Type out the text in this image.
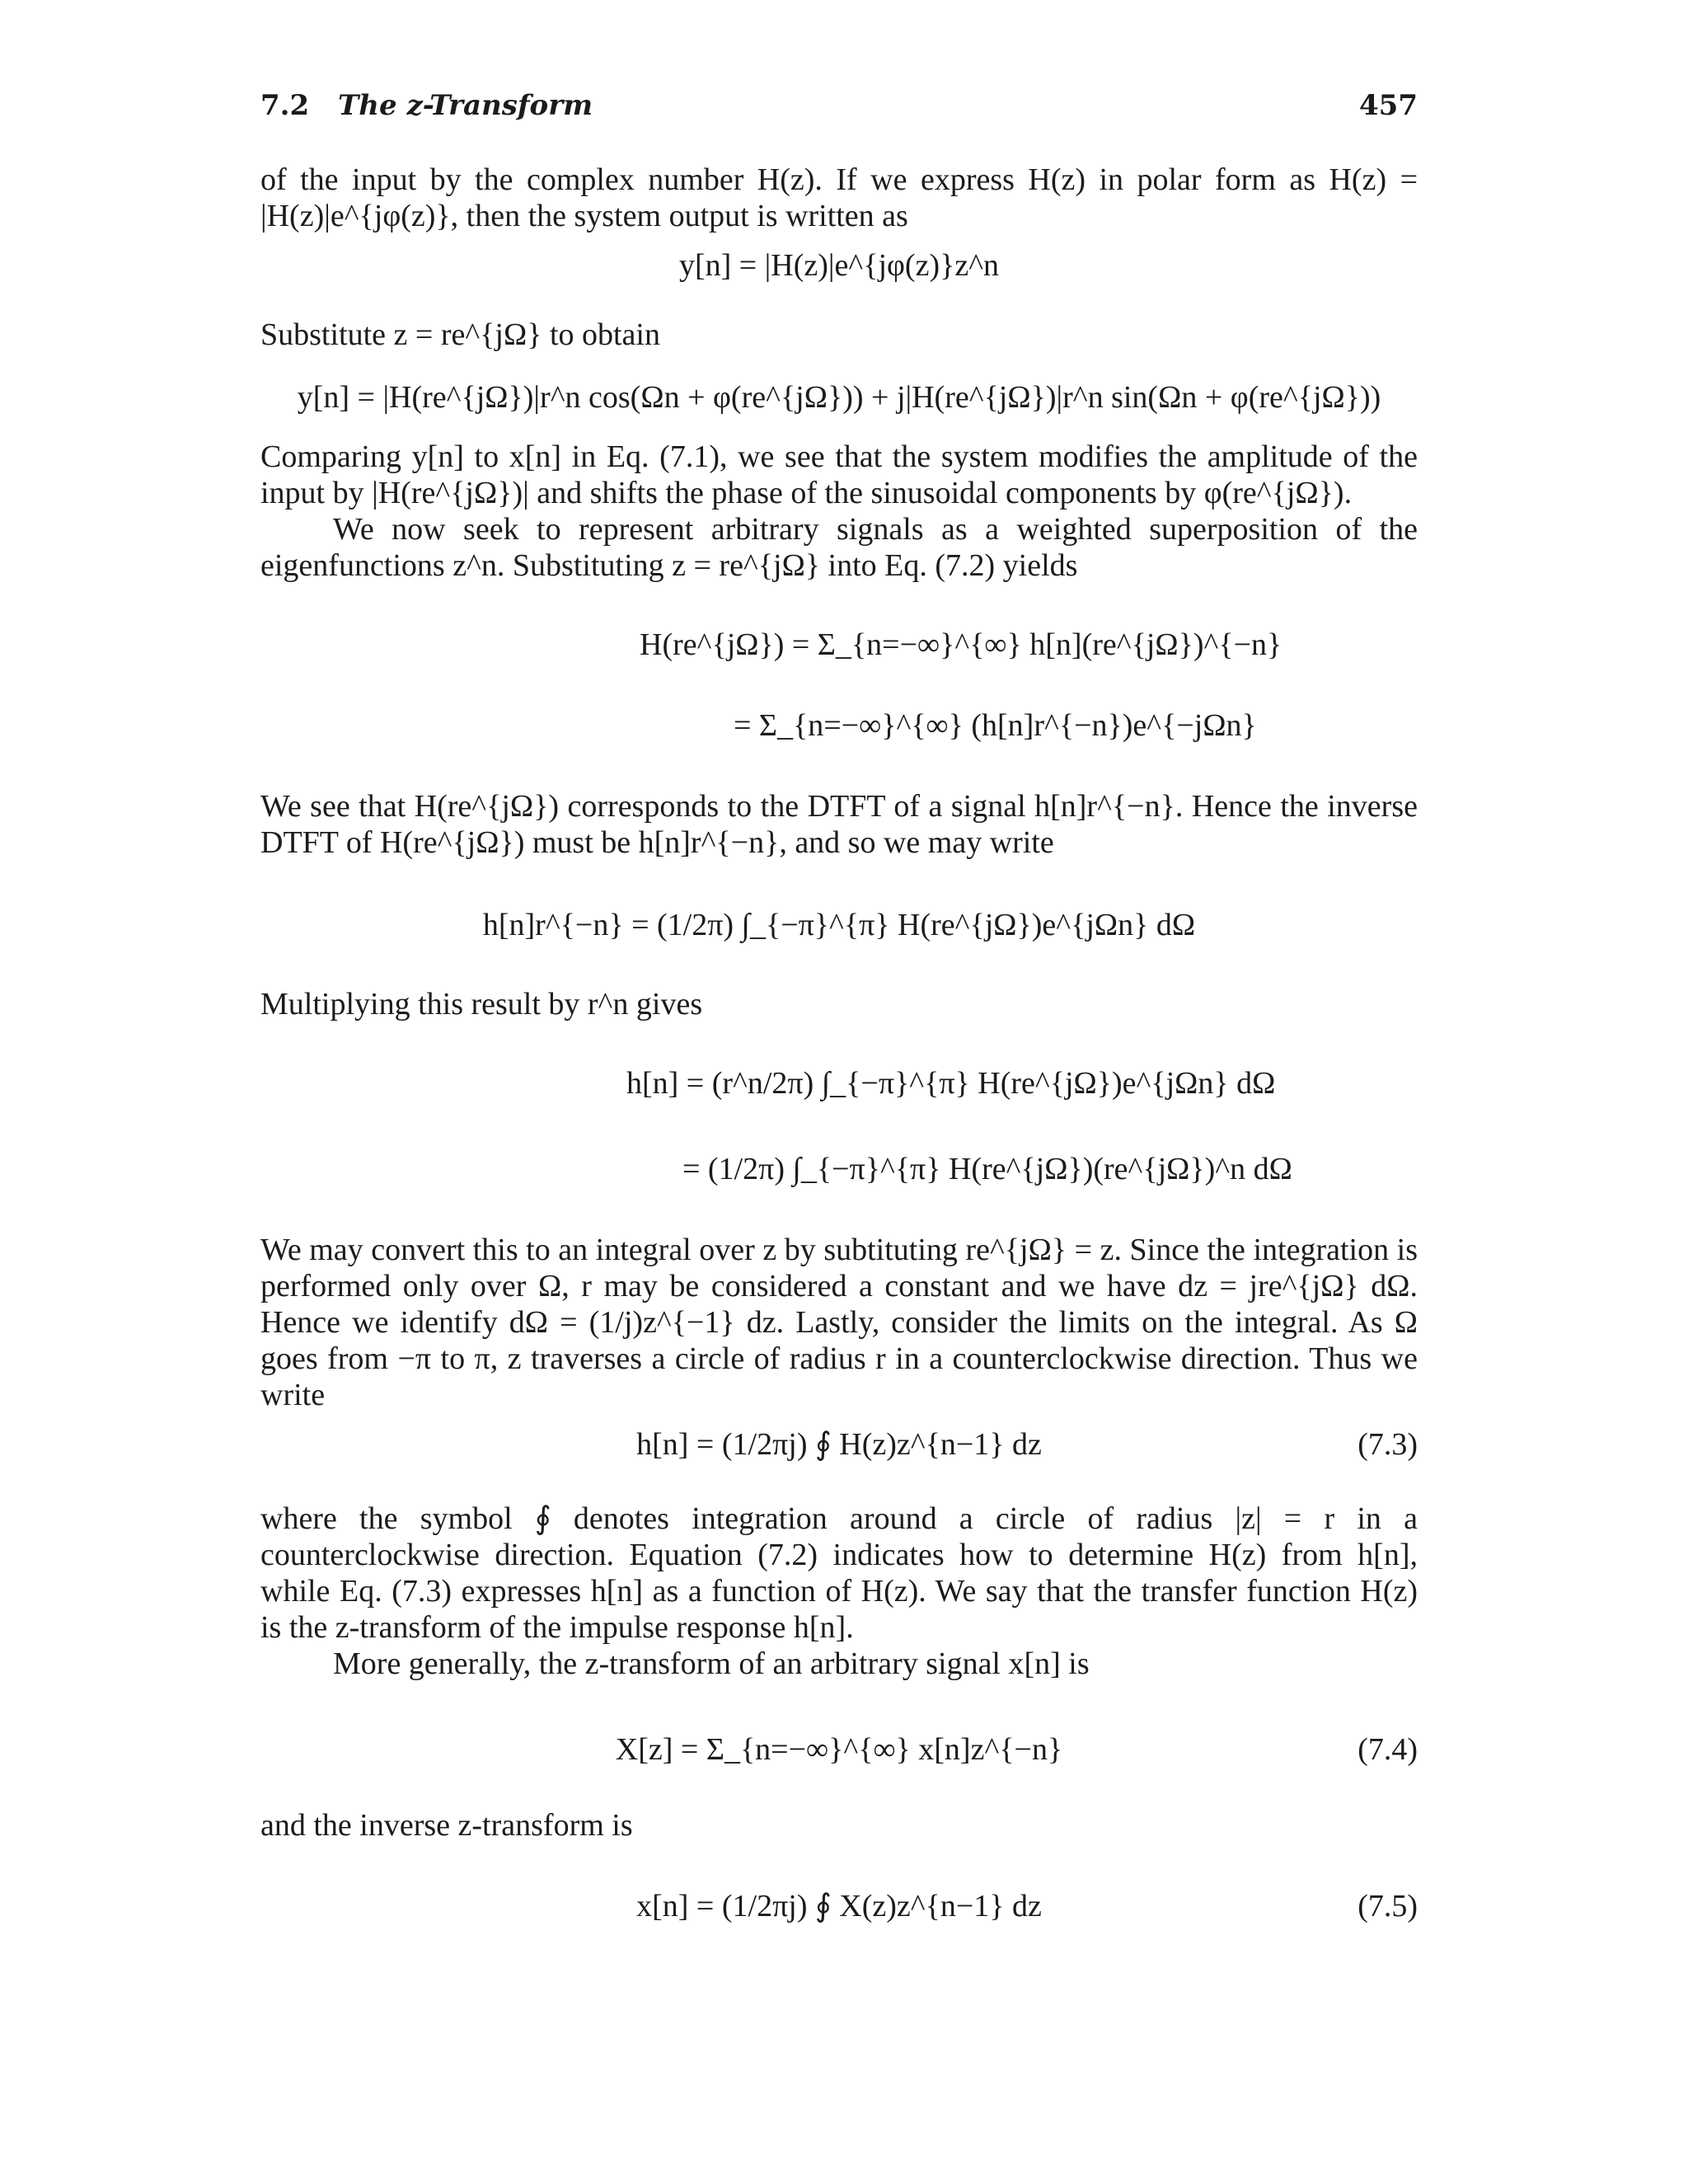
7.2 The z-Transform	457
of the input by the complex number H(z). If we express H(z) in polar form as H(z) = |H(z)|e^{jφ(z)}, then the system output is written as
y[n] = |H(z)|e^{jφ(z)}z^n
Substitute z = re^{jΩ} to obtain
y[n] = |H(re^{jΩ})|r^n cos(Ωn + φ(re^{jΩ})) + j|H(re^{jΩ})|r^n sin(Ωn + φ(re^{jΩ}))
Comparing y[n] to x[n] in Eq. (7.1), we see that the system modifies the amplitude of the input by |H(re^{jΩ})| and shifts the phase of the sinusoidal components by φ(re^{jΩ}).
We now seek to represent arbitrary signals as a weighted superposition of the eigenfunctions z^n. Substituting z = re^{jΩ} into Eq. (7.2) yields
H(re^{jΩ}) = Σ_{n=−∞}^{∞} h[n](re^{jΩ})^{−n}
= Σ_{n=−∞}^{∞} (h[n]r^{−n})e^{−jΩn}
We see that H(re^{jΩ}) corresponds to the DTFT of a signal h[n]r^{−n}. Hence the inverse DTFT of H(re^{jΩ}) must be h[n]r^{−n}, and so we may write
h[n]r^{−n} = (1/2π) ∫_{−π}^{π} H(re^{jΩ})e^{jΩn} dΩ
Multiplying this result by r^n gives
h[n] = (r^n/2π) ∫_{−π}^{π} H(re^{jΩ})e^{jΩn} dΩ
= (1/2π) ∫_{−π}^{π} H(re^{jΩ})(re^{jΩ})^n dΩ
We may convert this to an integral over z by subtituting re^{jΩ} = z. Since the integration is performed only over Ω, r may be considered a constant and we have dz = jre^{jΩ} dΩ. Hence we identify dΩ = (1/j)z^{−1} dz. Lastly, consider the limits on the integral. As Ω goes from −π to π, z traverses a circle of radius r in a counterclockwise direction. Thus we write
h[n] = (1/2πj) ∮ H(z)z^{n−1} dz	(7.3)
where the symbol ∮ denotes integration around a circle of radius |z| = r in a counterclockwise direction. Equation (7.2) indicates how to determine H(z) from h[n], while Eq. (7.3) expresses h[n] as a function of H(z). We say that the transfer function H(z) is the z-transform of the impulse response h[n].
More generally, the z-transform of an arbitrary signal x[n] is
X[z] = Σ_{n=−∞}^{∞} x[n]z^{−n}	(7.4)
and the inverse z-transform is
x[n] = (1/2πj) ∮ X(z)z^{n−1} dz	(7.5)
